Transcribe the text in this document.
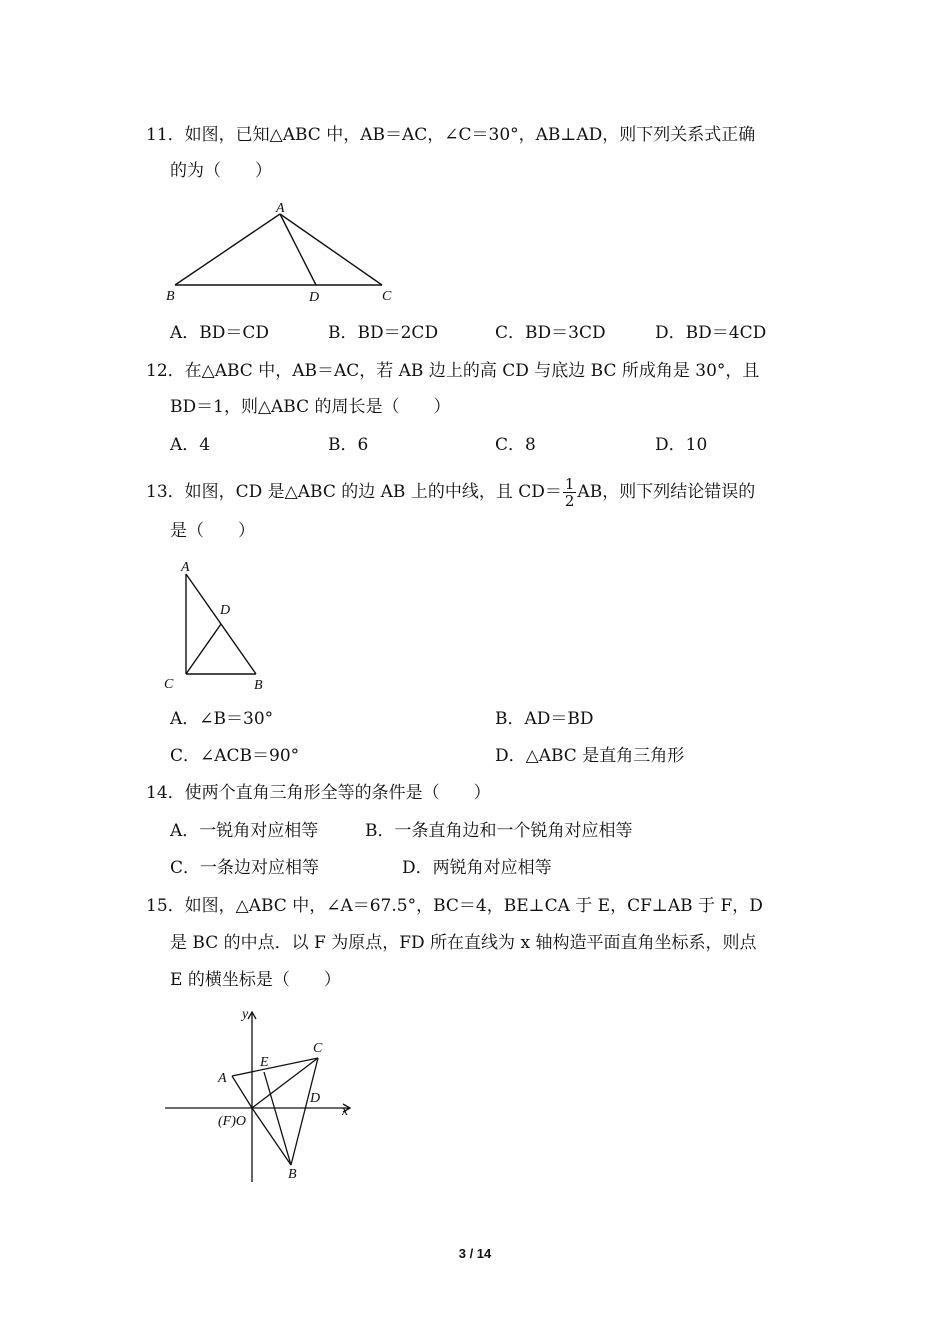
11．如图，已知△ABC 中，AB＝AC，∠C＝30°，AB⊥AD，则下列关系式正确
的为（　　）
A
B	D	C
A．BD＝CD	B．BD＝2CD	C．BD＝3CD	D．BD＝4CD
12．在△ABC 中，AB＝AC，若 AB 边上的高 CD 与底边 BC 所成角是 30°，且
BD＝1，则△ABC 的周长是（　　）
A．4	B．6	C．8	D．10
13．如图，CD 是△ABC 的边 AB 上的中线，且 $CD= \frac{1}{2}$ AB，则下列结论错误的
是（　　）
A
D
C	B
A．∠B＝30°	B．AD＝BD
C．∠ACB＝90°	D．△ABC 是直角三角形
14．使两个直角三角形全等的条件是（　　）
A．一锐角对应相等	B．一条直角边和一个锐角对应相等
C．一条边对应相等	D．两锐角对应相等
15．如图，△ABC 中，∠A＝67.5°，BC＝4，BE⊥CA 于 E，CF⊥AB 于 F，D
是 BC 的中点．以 F 为原点，FD 所在直线为 x 轴构造平面直角坐标系，则点
E 的横坐标是（　　）
y
x
C
E
A
D
(F)O
B
3 / 14
